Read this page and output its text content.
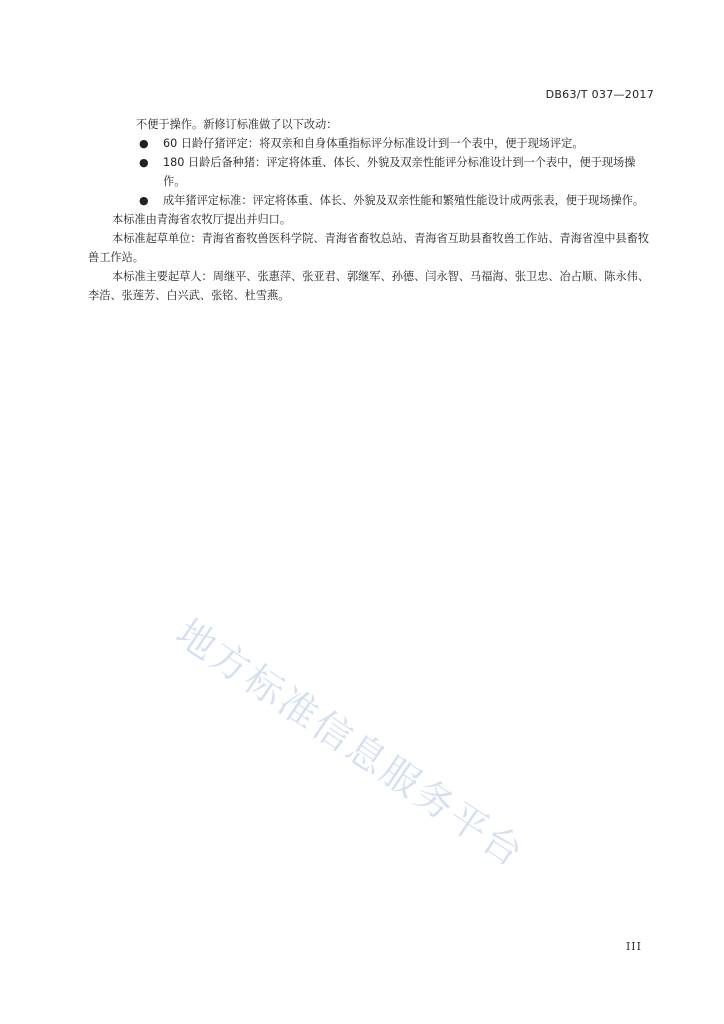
DB63/T 037—2017

不便于操作。新修订标准做了以下改动：

● 60 日龄仔猪评定：将双亲和自身体重指标评分标准设计到一个表中，便于现场评定。
● 180 日龄后备种猪：评定将体重、体长、外貌及双亲性能评分标准设计到一个表中，便于现场操作。
● 成年猪评定标准：评定将体重、体长、外貌及双亲性能和繁殖性能设计成两张表，便于现场操作。

本标准由青海省农牧厅提出并归口。

本标准起草单位：青海省畜牧兽医科学院、青海省畜牧总站、青海省互助县畜牧兽工作站、青海省湟中县畜牧兽工作站。

本标准主要起草人：周继平、张惠萍、张亚君、郭继军、孙德、闫永智、马福海、张卫忠、冶占顺、陈永伟、李浩、张莲芳、白兴武、张铭、杜雪燕。

地方标准信息服务平台
III
